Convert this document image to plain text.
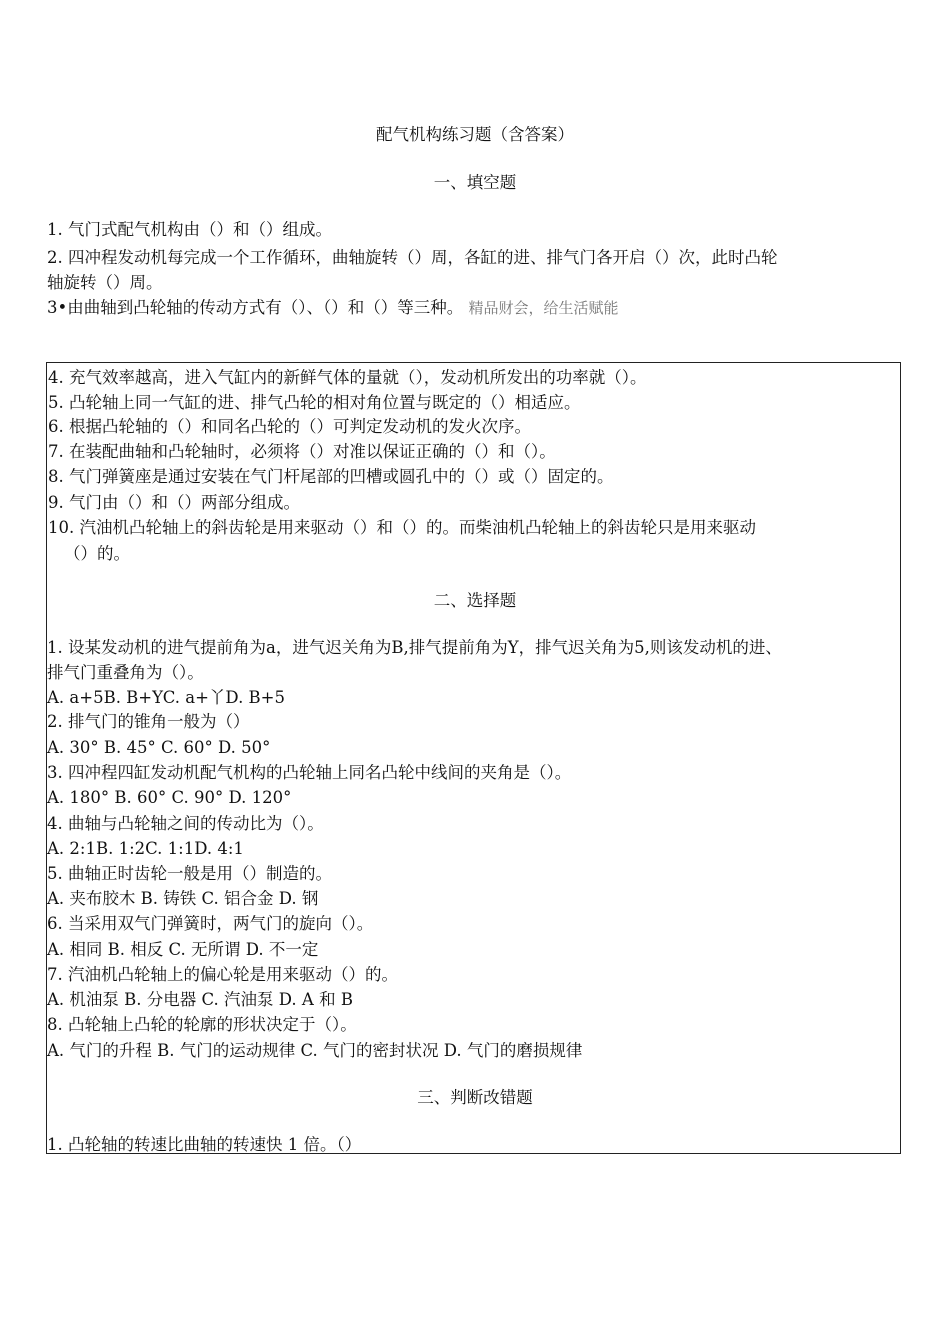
配气机构练习题（含答案）
一、填空题
1. 气门式配气机构由（）和（）组成。
2. 四冲程发动机每完成一个工作循环，曲轴旋转（）周，各缸的进、排气门各开启（）次，此时凸轮
轴旋转（）周。
3•由曲轴到凸轮轴的传动方式有（）、（）和（）等三种。 精品财会，给生活赋能
4. 充气效率越高，进入气缸内的新鲜气体的量就（），发动机所发出的功率就（）。
5. 凸轮轴上同一气缸的进、排气凸轮的相对角位置与既定的（）相适应。
6. 根据凸轮轴的（）和同名凸轮的（）可判定发动机的发火次序。
7. 在装配曲轴和凸轮轴时，必须将（）对准以保证正确的（）和（）。
8. 气门弹簧座是通过安装在气门杆尾部的凹槽或圆孔中的（）或（）固定的。
9. 气门由（）和（）两部分组成。
10. 汽油机凸轮轴上的斜齿轮是用来驱动（）和（）的。而柴油机凸轮轴上的斜齿轮只是用来驱动
（）的。
二、选择题
1. 设某发动机的进气提前角为a，进气迟关角为B,排气提前角为Y，排气迟关角为5,则该发动机的进、
排气门重叠角为（）。
A. a+5B. B+YC. a+丫D. B+5
2. 排气门的锥角一般为（）
A. 30° B. 45° C. 60° D. 50°
3. 四冲程四缸发动机配气机构的凸轮轴上同名凸轮中线间的夹角是（）。
A. 180° B. 60° C. 90° D. 120°
4. 曲轴与凸轮轴之间的传动比为（）。
A. 2:1B. 1:2C. 1:1D. 4:1
5. 曲轴正时齿轮一般是用（）制造的。
A. 夹布胶木 B. 铸铁 C. 铝合金 D. 钢
6. 当采用双气门弹簧时，两气门的旋向（）。
A. 相同 B. 相反 C. 无所谓 D. 不一定
7. 汽油机凸轮轴上的偏心轮是用来驱动（）的。
A. 机油泵 B. 分电器 C. 汽油泵 D. A 和 B
8. 凸轮轴上凸轮的轮廓的形状决定于（）。
A. 气门的升程 B. 气门的运动规律 C. 气门的密封状况 D. 气门的磨损规律
三、判断改错题
1. 凸轮轴的转速比曲轴的转速快 1 倍。（）
